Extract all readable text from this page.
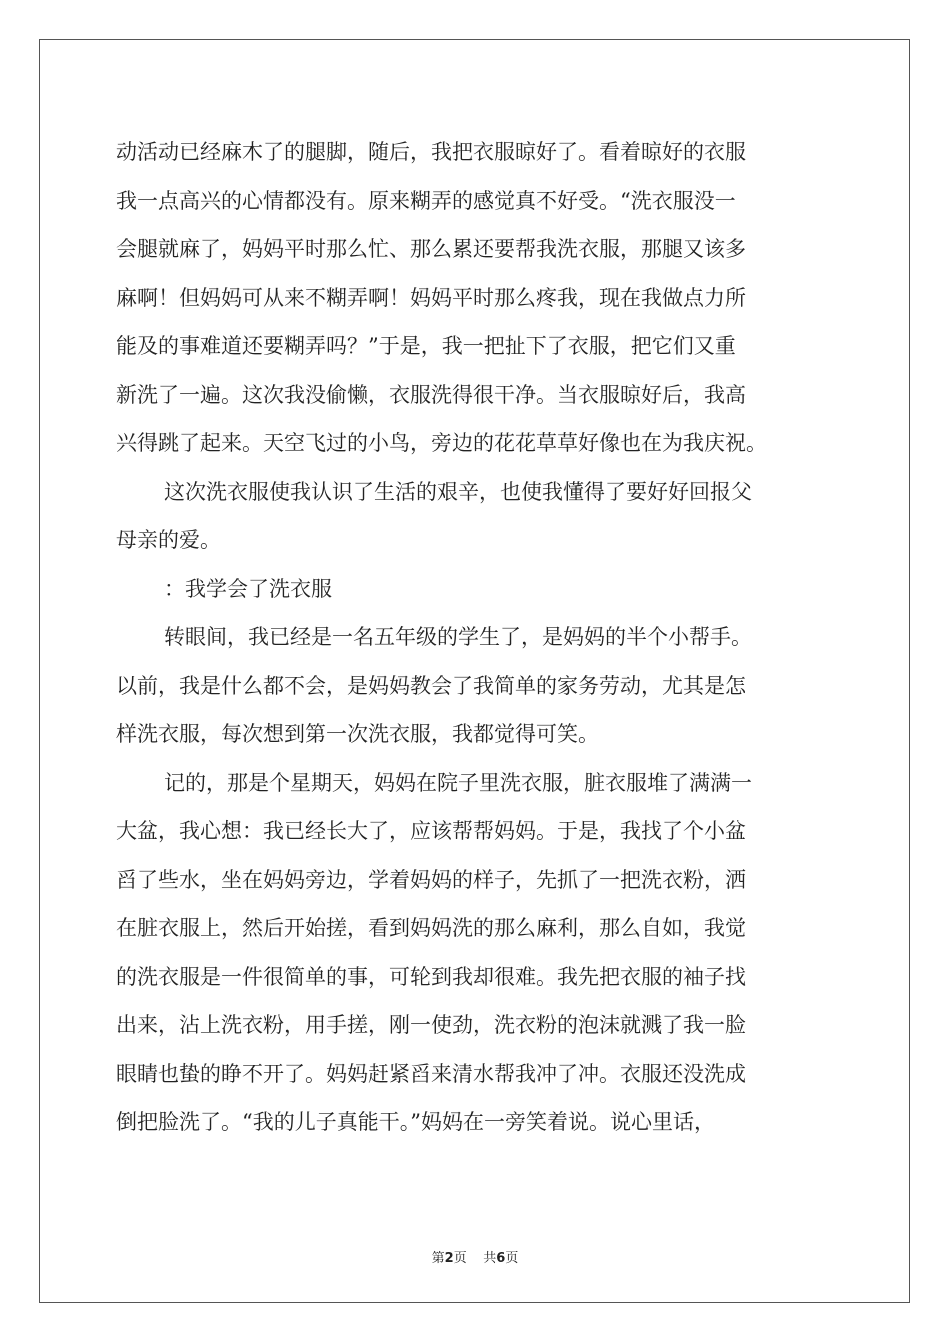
动活动已经麻木了的腿脚，随后，我把衣服晾好了。看着晾好的衣服
我一点高兴的心情都没有。原来糊弄的感觉真不好受。“洗衣服没一
会腿就麻了，妈妈平时那么忙、那么累还要帮我洗衣服，那腿又该多
麻啊！但妈妈可从来不糊弄啊！妈妈平时那么疼我，现在我做点力所
能及的事难道还要糊弄吗？”于是，我一把扯下了衣服，把它们又重
新洗了一遍。这次我没偷懒，衣服洗得很干净。当衣服晾好后，我高
兴得跳了起来。天空飞过的小鸟，旁边的花花草草好像也在为我庆祝。
这次洗衣服使我认识了生活的艰辛，也使我懂得了要好好回报父
母亲的爱。
：我学会了洗衣服
转眼间，我已经是一名五年级的学生了，是妈妈的半个小帮手。
以前，我是什么都不会，是妈妈教会了我简单的家务劳动，尤其是怎
样洗衣服，每次想到第一次洗衣服，我都觉得可笑。
记的，那是个星期天，妈妈在院子里洗衣服，脏衣服堆了满满一
大盆，我心想：我已经长大了，应该帮帮妈妈。于是，我找了个小盆
舀了些水，坐在妈妈旁边，学着妈妈的样子，先抓了一把洗衣粉，洒
在脏衣服上，然后开始搓，看到妈妈洗的那么麻利，那么自如，我觉
的洗衣服是一件很简单的事，可轮到我却很难。我先把衣服的袖子找
出来，沾上洗衣粉，用手搓，刚一使劲，洗衣粉的泡沫就溅了我一脸
眼睛也蛰的睁不开了。妈妈赶紧舀来清水帮我冲了冲。衣服还没洗成
倒把脸洗了。“我的儿子真能干。”妈妈在一旁笑着说。说心里话，
第2页 共6页
